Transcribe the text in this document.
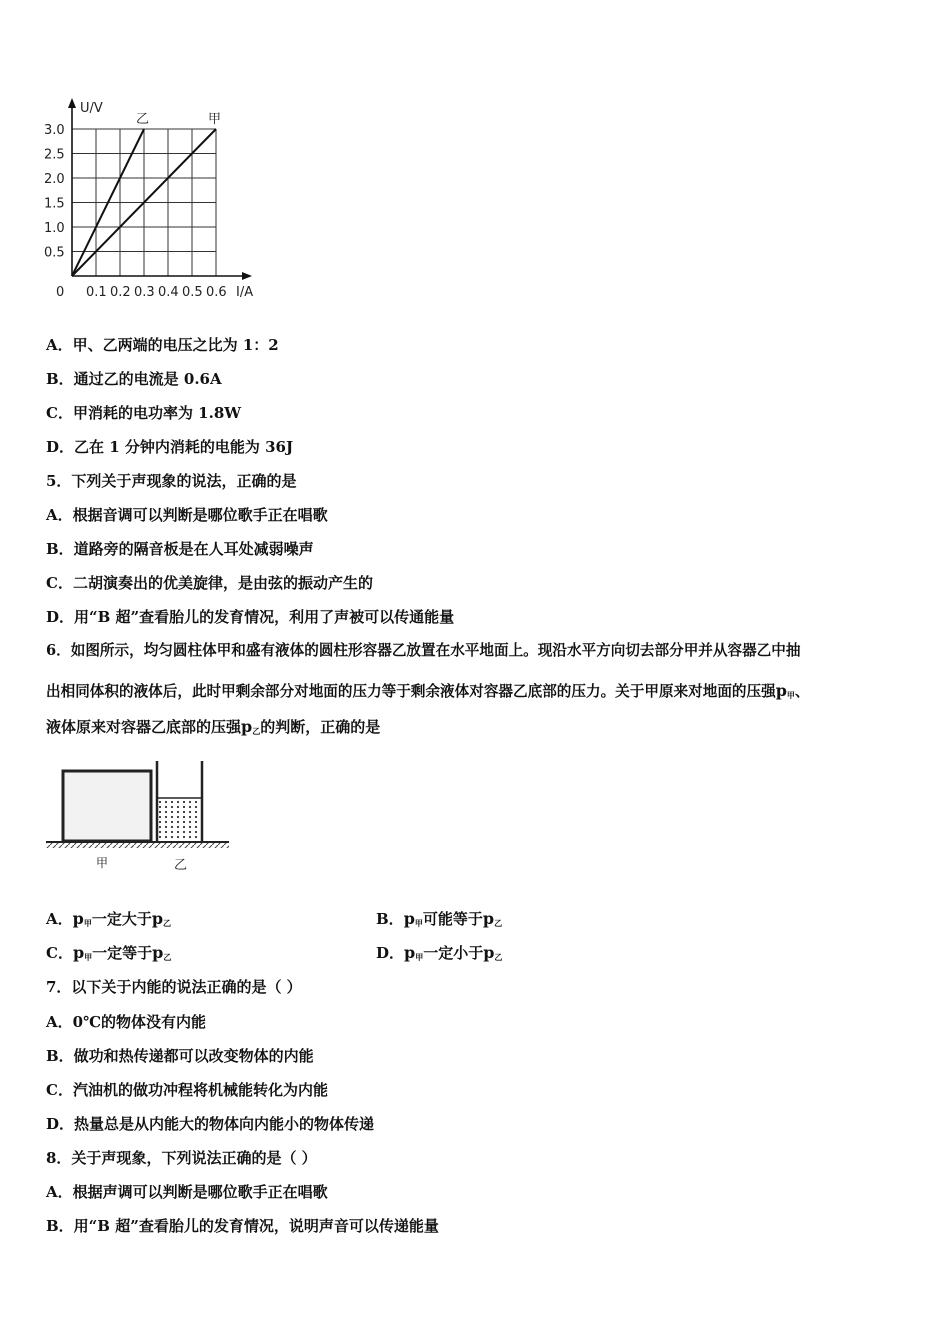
0.1 0.2 0.3 0.4 0.5 0.6
3.0
2.5
2.0
1.5
1.0
0.5
乙	甲
U/V
I/A
0
A．甲、乙两端的电压之比为 1：2
B．通过乙的电流是 0.6A
C．甲消耗的电功率为 1.8W
D．乙在 1 分钟内消耗的电能为 36J
5．下列关于声现象的说法，正确的是
A．根据音调可以判断是哪位歌手正在唱歌
B．道路旁的隔音板是在人耳处减弱噪声
C．二胡演奏出的优美旋律，是由弦的振动产生的
D．用“B 超”查看胎儿的发育情况，利用了声被可以传通能量
6．如图所示，均匀圆柱体甲和盛有液体的圆柱形容器乙放置在水平地面上。现沿水平方向切去部分甲并从容器乙中抽
出相同体积的液体后，此时甲剩余部分对地面的压力等于剩余液体对容器乙底部的压力。关于甲原来对地面的压强$p_甲$、
液体原来对容器乙底部的压强$p_乙$的判断，正确的是
甲	乙
A．$p_甲$一定大于$p_乙$	B．$p_甲$可能等于$p_乙$
C．$p_甲$一定等于$p_乙$	D．$p_甲$一定小于$p_乙$
7．以下关于内能的说法正确的是（ ）
A．0℃的物体没有内能
B．做功和热传递都可以改变物体的内能
C．汽油机的做功冲程将机械能转化为内能
D．热量总是从内能大的物体向内能小的物体传递
8．关于声现象，下列说法正确的是（ ）
A．根据声调可以判断是哪位歌手正在唱歌
B．用“B 超”查看胎儿的发育情况，说明声音可以传递能量
